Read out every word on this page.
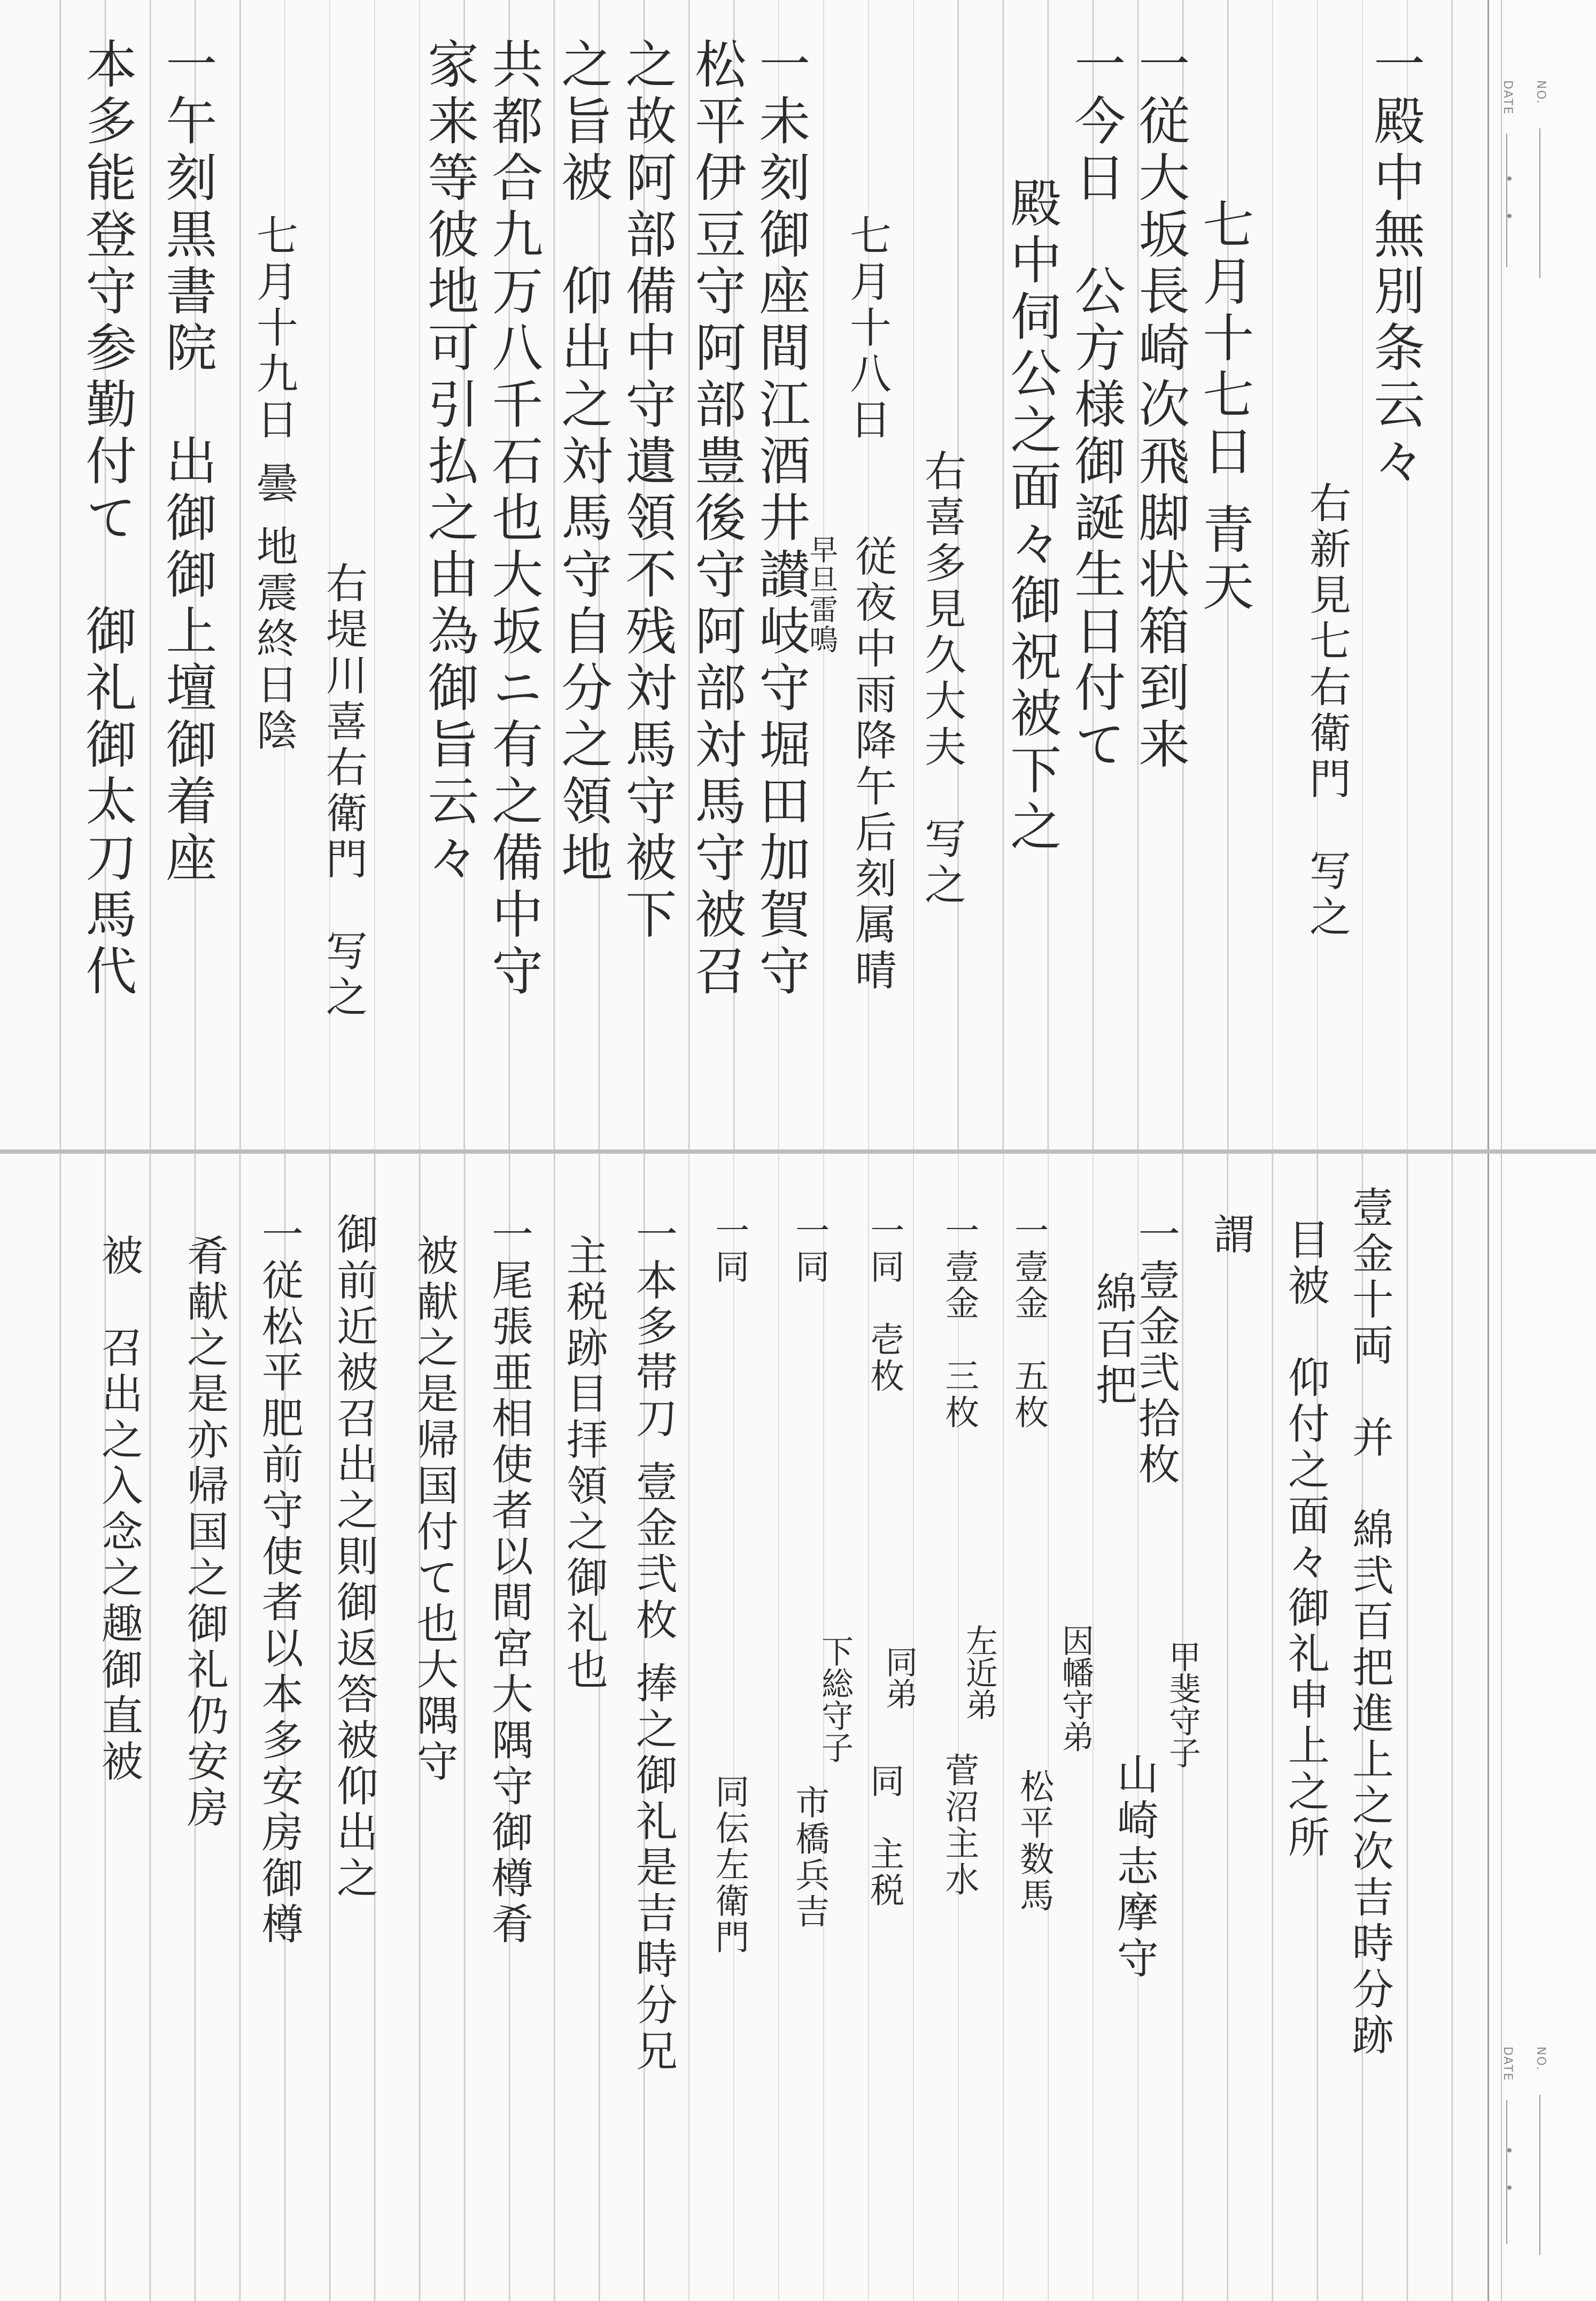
NO.
DATE
一殿中無別条云々
右新見七右衛門　写之
七月十七日 青天
一従大坂長崎次飛脚状箱到来
一今日　公方様御誕生日付て
殿中伺公之面々御祝被下之
右喜多見久大夫　写之
七月十八日
従夜中雨降午后刻属晴
早旦雷鳴
一未刻御座間江酒井讃岐守堀田加賀守
松平伊豆守阿部豊後守阿部対馬守被召
之故阿部備中守遺領不残対馬守被下
之旨被　仰出之対馬守自分之領地
共都合九万八千石也大坂ニ有之備中守
家来等彼地可引払之由為御旨云々
右堤川喜右衛門　写之
七月十九日 曇 地震終日陰
一午刻黒書院　出御御上壇御着座
本多能登守参勤付て　御礼御太刀馬代
NO.
DATE
壹金十両　并　綿弐百把進上之次吉時分跡
目被　仰付之面々御礼申上之所
謂
一壹金弐拾枚
綿百把
甲斐守子
山崎志摩守
一壹金　五枚
因幡守弟
松平数馬
一壹金　三枚
左近弟
菅沼主水
一同　壱枚
同弟
同　主税
一同
下総守子
市橋兵吉
一同
同伝左衛門
一本多帯刀 壹金弐枚 捧之御礼是吉時分兄
主税跡目拝領之御礼也
一尾張亜相使者以間宮大隅守御樽肴
被献之是帰国付て也大隅守
御前近被召出之則御返答被仰出之
一従松平肥前守使者以本多安房御樽
肴献之是亦帰国之御礼仍安房
被　召出之入念之趣御直被
